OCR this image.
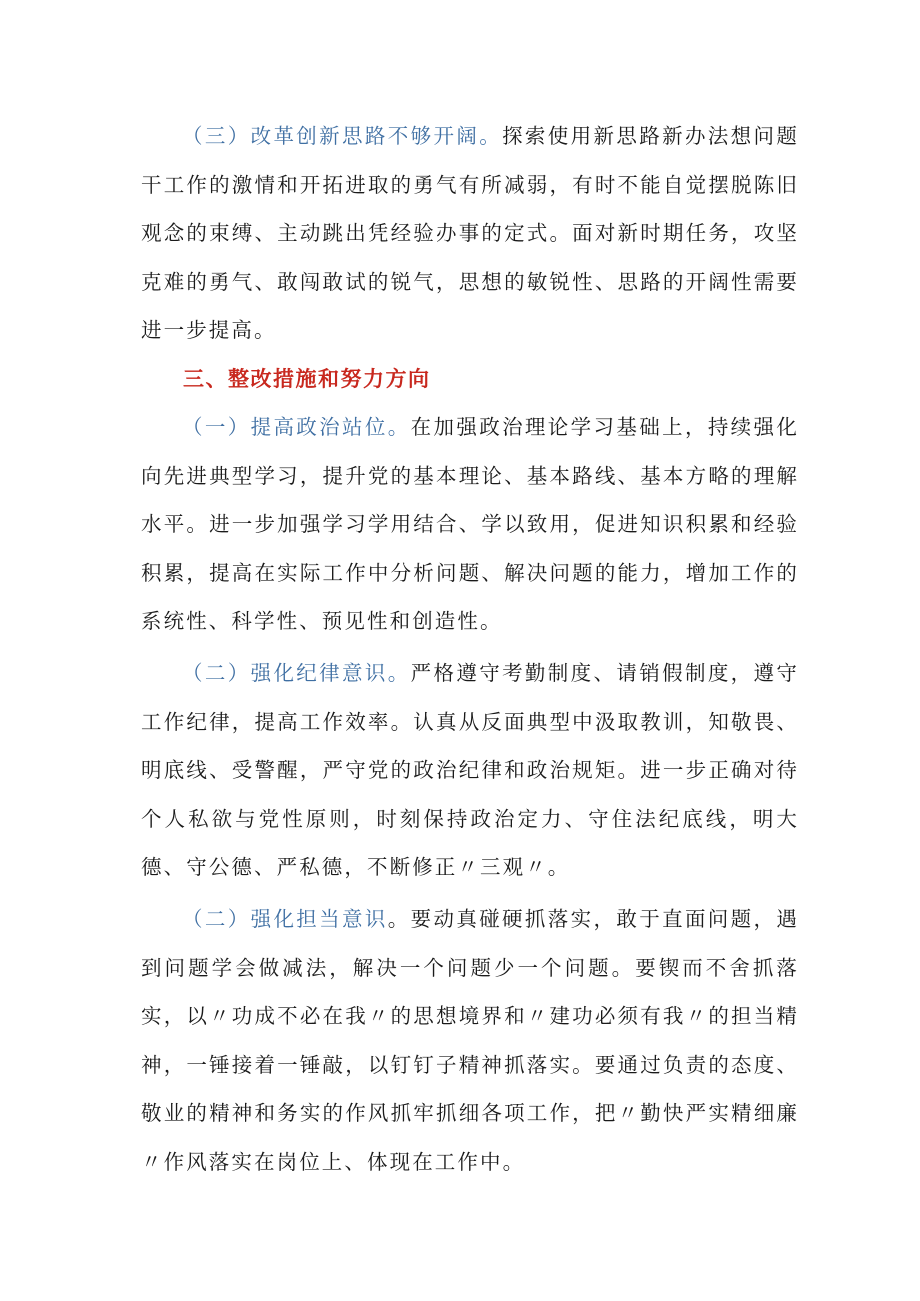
（三）改革创新思路不够开阔。探索使用新思路新办法想问题干工作的激情和开拓进取的勇气有所减弱，有时不能自觉摆脱陈旧观念的束缚、主动跳出凭经验办事的定式。面对新时期任务，攻坚克难的勇气、敢闯敢试的锐气，思想的敏锐性、思路的开阔性需要进一步提高。

三、整改措施和努力方向

（一）提高政治站位。在加强政治理论学习基础上，持续强化向先进典型学习，提升党的基本理论、基本路线、基本方略的理解水平。进一步加强学习学用结合、学以致用，促进知识积累和经验积累，提高在实际工作中分析问题、解决问题的能力，增加工作的系统性、科学性、预见性和创造性。

（二）强化纪律意识。严格遵守考勤制度、请销假制度，遵守工作纪律，提高工作效率。认真从反面典型中汲取教训，知敬畏、明底线、受警醒，严守党的政治纪律和政治规矩。进一步正确对待个人私欲与党性原则，时刻保持政治定力、守住法纪底线，明大德、守公德、严私德，不断修正〃三观〃。

（二）强化担当意识。要动真碰硬抓落实，敢于直面问题，遇到问题学会做减法，解决一个问题少一个问题。要锲而不舍抓落实，以〃功成不必在我〃的思想境界和〃建功必须有我〃的担当精神，一锤接着一锤敲，以钉钉子精神抓落实。要通过负责的态度、敬业的精神和务实的作风抓牢抓细各项工作，把〃勤快严实精细廉〃作风落实在岗位上、体现在工作中。
